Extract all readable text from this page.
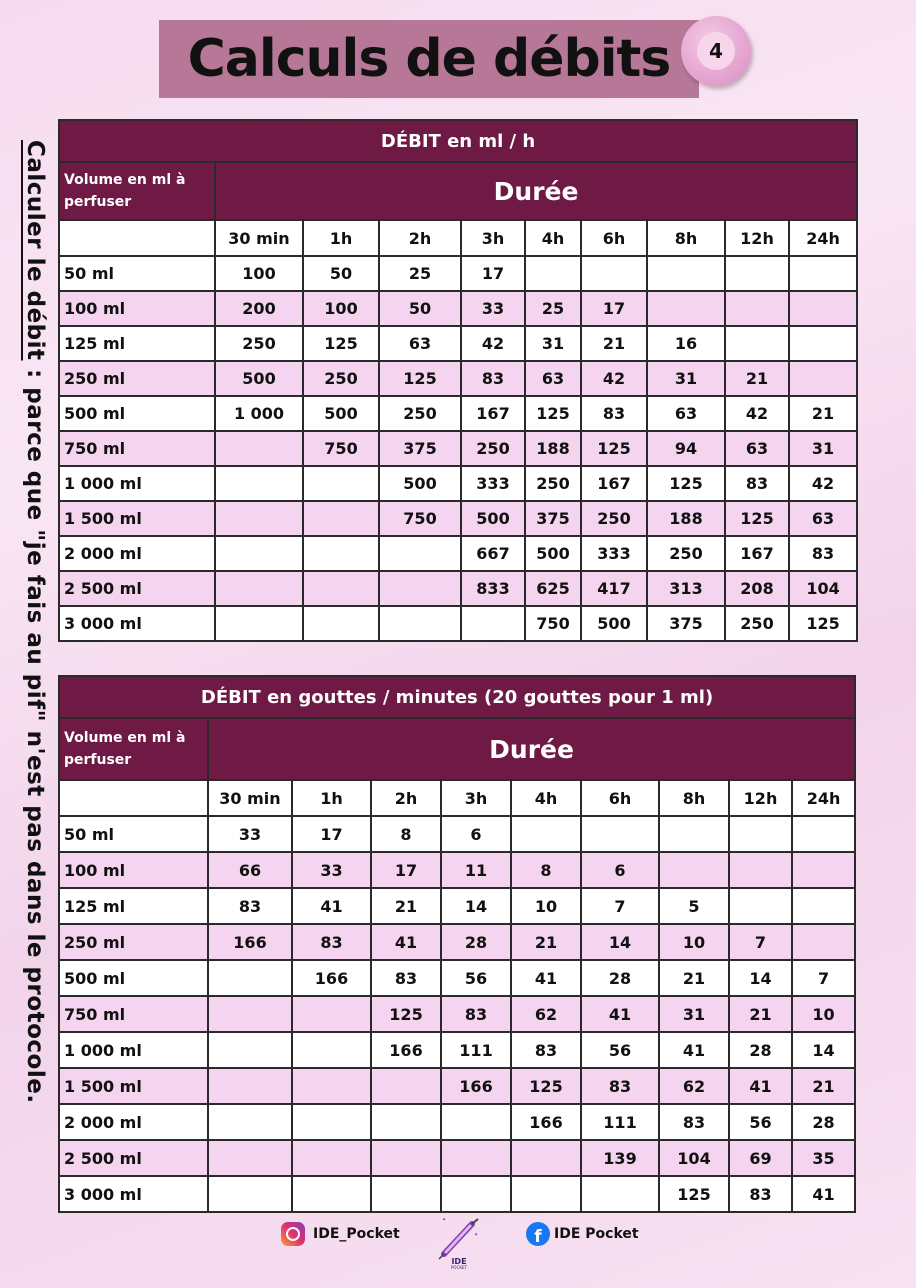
Calculs de débits	4
Calculer le débit : parce que "je fais au pif" n'est pas dans le protocole.
DÉBIT en ml / h									
Volume en ml à perfuser	Durée								
	30 min	1h	2h	3h	4h	6h	8h	12h	24h
50 ml	100	50	25	17					
100 ml	200	100	50	33	25	17			
125 ml	250	125	63	42	31	21	16		
250 ml	500	250	125	83	63	42	31	21	
500 ml	1 000	500	250	167	125	83	63	42	21
750 ml		750	375	250	188	125	94	63	31
1 000 ml			500	333	250	167	125	83	42
1 500 ml			750	500	375	250	188	125	63
2 000 ml				667	500	333	250	167	83
2 500 ml				833	625	417	313	208	104
3 000 ml					750	500	375	250	125
DÉBIT en gouttes / minutes (20 gouttes pour 1 ml)									
Volume en ml à perfuser	Durée								
	30 min	1h	2h	3h	4h	6h	8h	12h	24h
50 ml	33	17	8	6					
100 ml	66	33	17	11	8	6			
125 ml	83	41	21	14	10	7	5		
250 ml	166	83	41	28	21	14	10	7	
500 ml		166	83	56	41	28	21	14	7
750 ml			125	83	62	41	31	21	10
1 000 ml			166	111	83	56	41	28	14
1 500 ml				166	125	83	62	41	21
2 000 ml					166	111	83	56	28
2 500 ml						139	104	69	35
3 000 ml							125	83	41
IDE_Pocket
✦
✦
IDE
POCKET
f IDE Pocket
